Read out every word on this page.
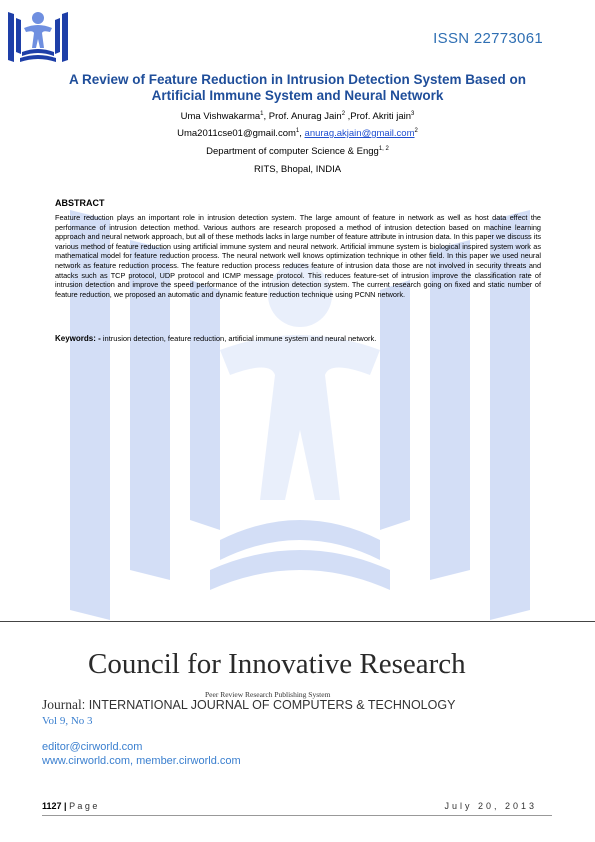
ISSN 22773061
A Review of Feature Reduction in Intrusion Detection System Based on
Artificial Immune System and Neural Network
Uma Vishwakarma$^1$, Prof. Anurag Jain$^2$ ,Prof. Akriti jain$^3$
Uma2011cse01@gmail.com$^1$, anurag.akjain@gmail.com$^2$
Department of computer Science & Engg$^{1, 2}$
RITS, Bhopal, INDIA
ABSTRACT
Feature reduction plays an important role in intrusion detection system. The large amount of feature in network as well as host data effect the performance of intrusion detection method. Various authors are research proposed a method of intrusion detection based on machine learning approach and neural network approach, but all of these methods lacks in large number of feature attribute in intrusion data. In this paper we discuss its various method of feature reduction using artificial immune system and neural network. Artificial immune system is biological inspired system work as mathematical model for feature reduction process. The neural network well knows optimization technique in other field. In this paper we used neural network as feature reduction process. The feature reduction process reduces feature of intrusion data those are not involved in security threats and attacks such as TCP protocol, UDP protocol and ICMP message protocol. This reduces feature-set of intrusion improve the classification rate of intrusion detection and improve the speed performance of the intrusion detection system. The current research going on fixed and static number of feature reduction, we proposed an automatic and dynamic feature reduction technique using PCNN network.
Keywords: - intrusion detection, feature reduction, artificial immune system and neural network.
Council for Innovative Research
Peer Review Research Publishing System
Journal: INTERNATIONAL JOURNAL OF COMPUTERS & TECHNOLOGY
Vol 9, No 3
editor@cirworld.com
www.cirworld.com, member.cirworld.com
1127 | P a g e	July 20, 2013
